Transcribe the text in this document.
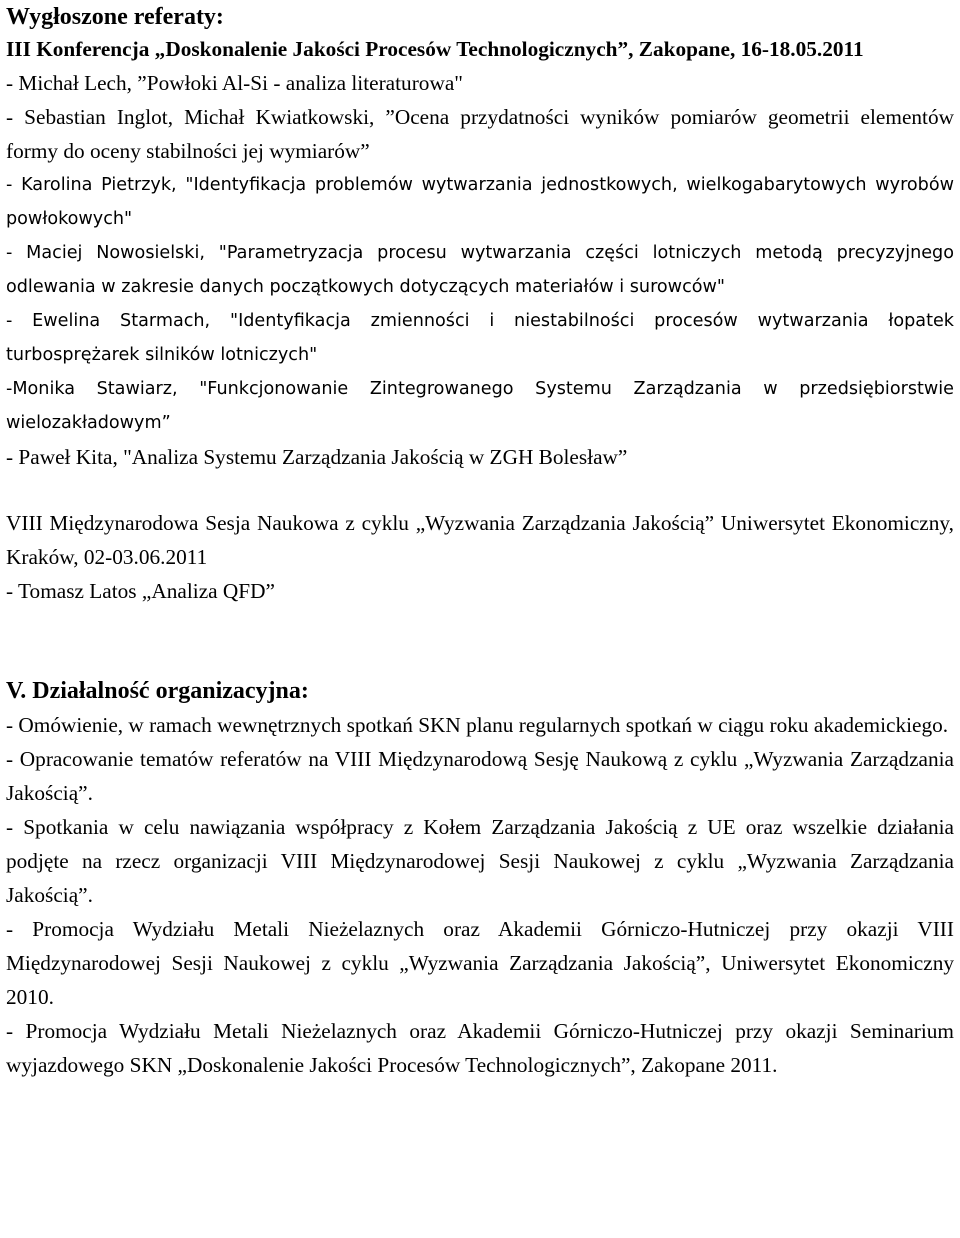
Wygłoszone referaty:

III Konferencja „Doskonalenie Jakości Procesów Technologicznych”, Zakopane, 16-18.05.2011

- Michał Lech, ”Powłoki Al-Si - analiza literaturowa"

- Sebastian Inglot, Michał Kwiatkowski, ”Ocena przydatności wyników pomiarów geometrii elementów formy do oceny stabilności jej wymiarów”

- Karolina Pietrzyk, "Identyfikacja problemów wytwarzania jednostkowych, wielkogabarytowych wyrobów powłokowych"

- Maciej Nowosielski, "Parametryzacja procesu wytwarzania części lotniczych metodą precyzyjnego odlewania w zakresie danych początkowych dotyczących materiałów i surowców"

- Ewelina Starmach, "Identyfikacja zmienności i niestabilności procesów wytwarzania łopatek turbosprężarek silników lotniczych"

-Monika Stawiarz, "Funkcjonowanie Zintegrowanego Systemu Zarządzania w przedsiębiorstwie wielozakładowym”

- Paweł Kita, "Analiza Systemu Zarządzania Jakością w ZGH Bolesław”

VIII Międzynarodowa Sesja Naukowa z cyklu „Wyzwania Zarządzania Jakością” Uniwersytet Ekonomiczny, Kraków, 02-03.06.2011

- Tomasz Latos „Analiza QFD”

V. Działalność organizacyjna:

- Omówienie, w ramach wewnętrznych spotkań SKN planu regularnych spotkań w ciągu roku akademickiego.

- Opracowanie tematów referatów na VIII Międzynarodową Sesję Naukową z cyklu „Wyzwania Zarządzania Jakością”.

- Spotkania w celu nawiązania współpracy z Kołem Zarządzania Jakością z UE oraz wszelkie działania podjęte na rzecz organizacji VIII Międzynarodowej Sesji Naukowej z cyklu „Wyzwania Zarządzania Jakością”.

- Promocja Wydziału Metali Nieżelaznych oraz Akademii Górniczo-Hutniczej przy okazji VIII Międzynarodowej Sesji Naukowej z cyklu „Wyzwania Zarządzania Jakością”, Uniwersytet Ekonomiczny 2010.

- Promocja Wydziału Metali Nieżelaznych oraz Akademii Górniczo-Hutniczej przy okazji Seminarium wyjazdowego SKN „Doskonalenie Jakości Procesów Technologicznych”, Zakopane 2011.
